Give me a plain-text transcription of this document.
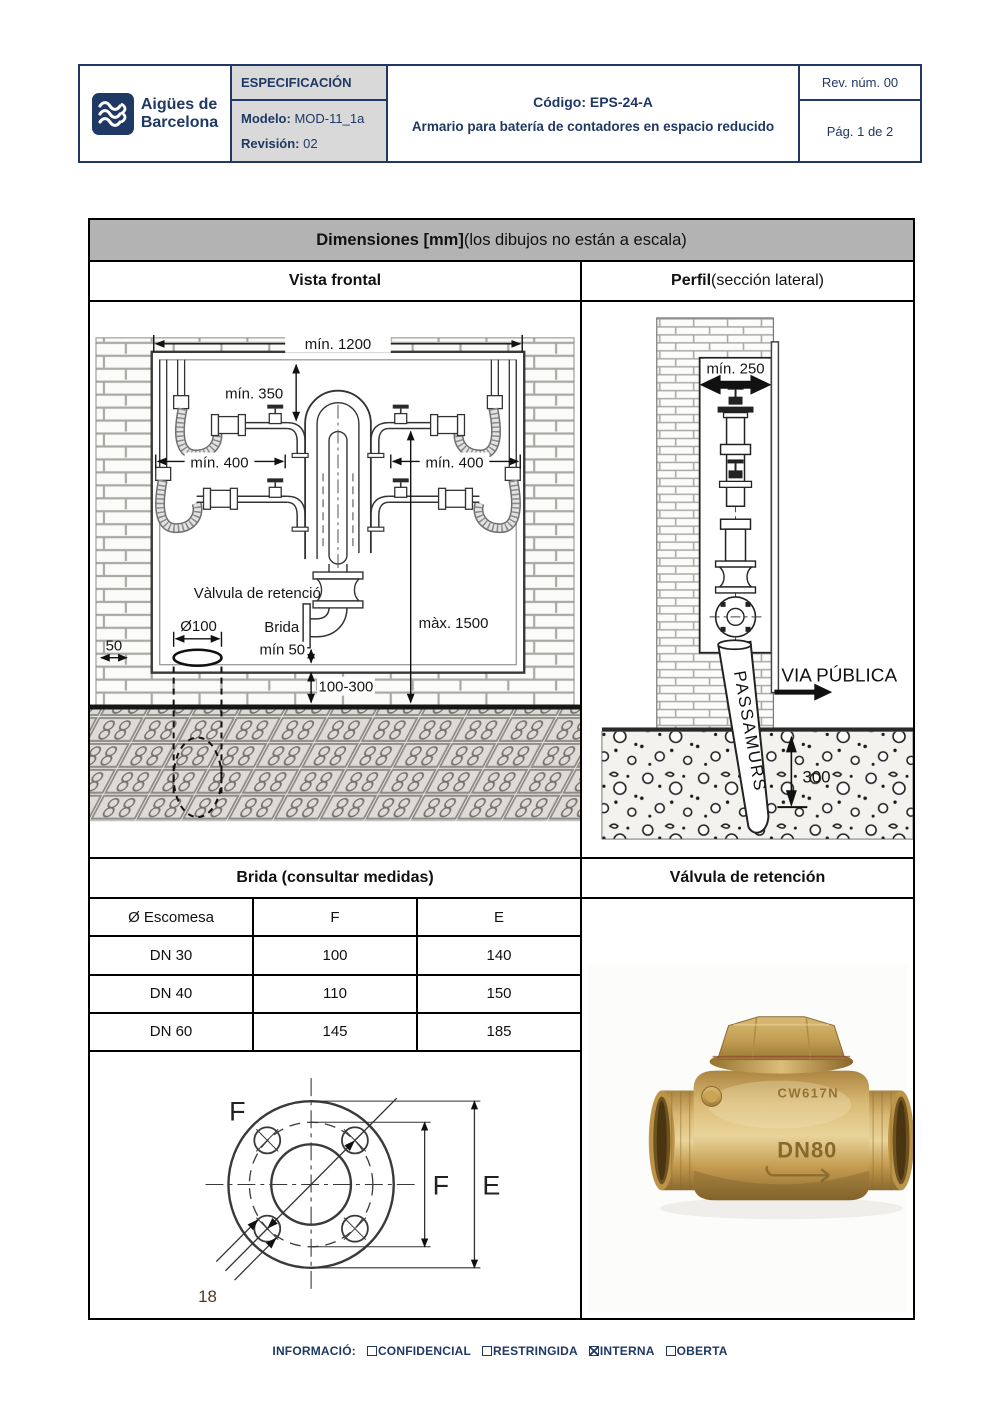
Aigües de
Barcelona
ESPECIFICACIÓN
Modelo: MOD-11_1a
Revisión: 02
Código: EPS-24-A
Armario para batería de contadores en espacio reducido
Rev. núm. 00
Pág. 1 de 2
Dimensiones [mm] (los dibujos no están a escala)
Vista frontal	Perfil (sección lateral)
mín. 1200
mín. 350
mín. 400	mín. 400
màx. 1500
Vàlvula de retenció
Brida
Ø100
50	mín 50
100-300	PASSAMURS
mín. 250
VIA PÚBLICA
300
Brida (consultar medidas)	Válvula de retención
Ø Escomesa	F	E
DN 30	100	140
DN 40	110	150
DN 60	145	185
F
18
F E
CW617N
DN80
INFORMACIÓ: CONFIDENCIAL RESTRINGIDA INTERNA OBERTA
